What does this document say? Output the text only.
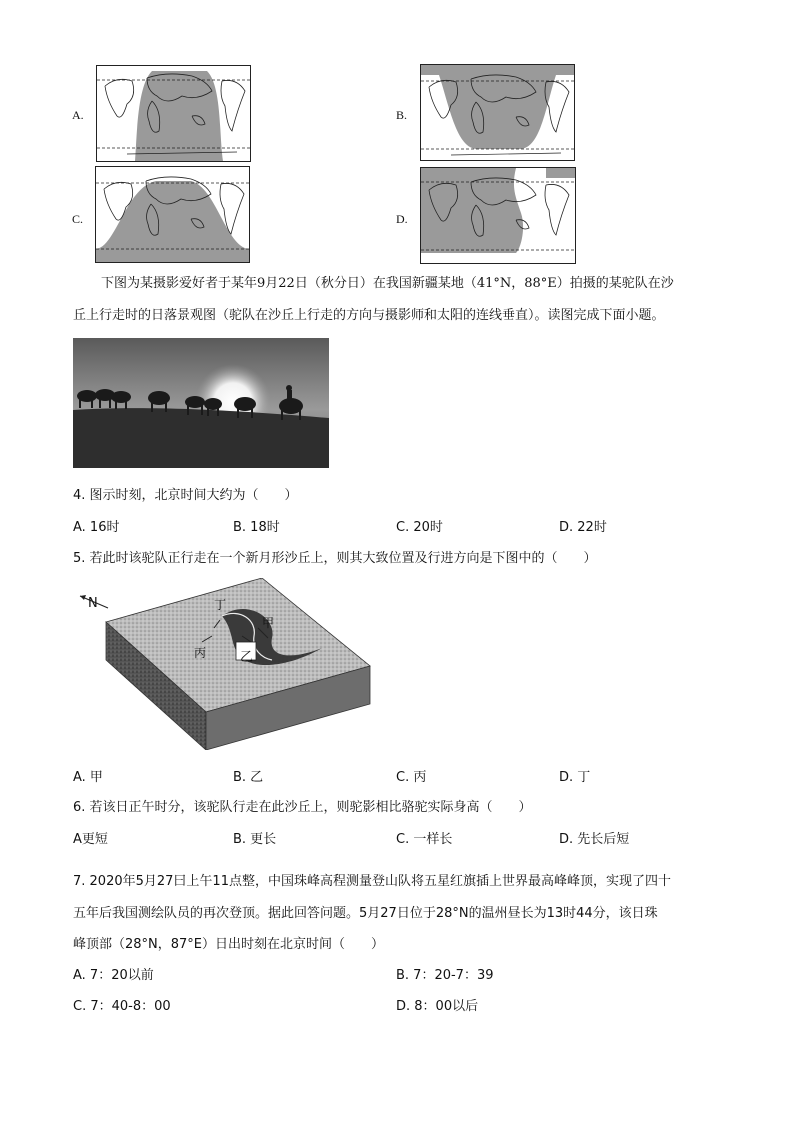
A.	B.
C.	D.
下图为某摄影爱好者于某年9月22日（秋分日）在我国新疆某地（41°N，88°E）拍摄的某驼队在沙
丘上行走时的日落景观图（驼队在沙丘上行走的方向与摄影师和太阳的连线垂直）。读图完成下面小题。
4. 图示时刻，北京时间大约为（　　）
A. 16时	B. 18时	C. 20时	D. 22时
5. 若此时该驼队正行走在一个新月形沙丘上，则其大致位置及行进方向是下图中的（　　）
N	丁
甲
丙	乙
A. 甲	B. 乙	C. 丙	D. 丁
6. 若该日正午时分，该驼队行走在此沙丘上，则驼影相比骆驼实际身高（　　）
A更短	B. 更长	C. 一样长	D. 先长后短
7. 2020年5月27曰上午11点整，中国珠峰高程测量登山队将五星红旗插上世界最高峰峰顶，实现了四十
五年后我国测绘队员的再次登顶。据此回答问题。5月27日位于28°N的温州昼长为13时44分，该日珠
峰顶部（28°N，87°E）日出时刻在北京时间（　　）
A. 7：20以前	B. 7：20-7：39
C. 7：40-8：00	D. 8：00以后
